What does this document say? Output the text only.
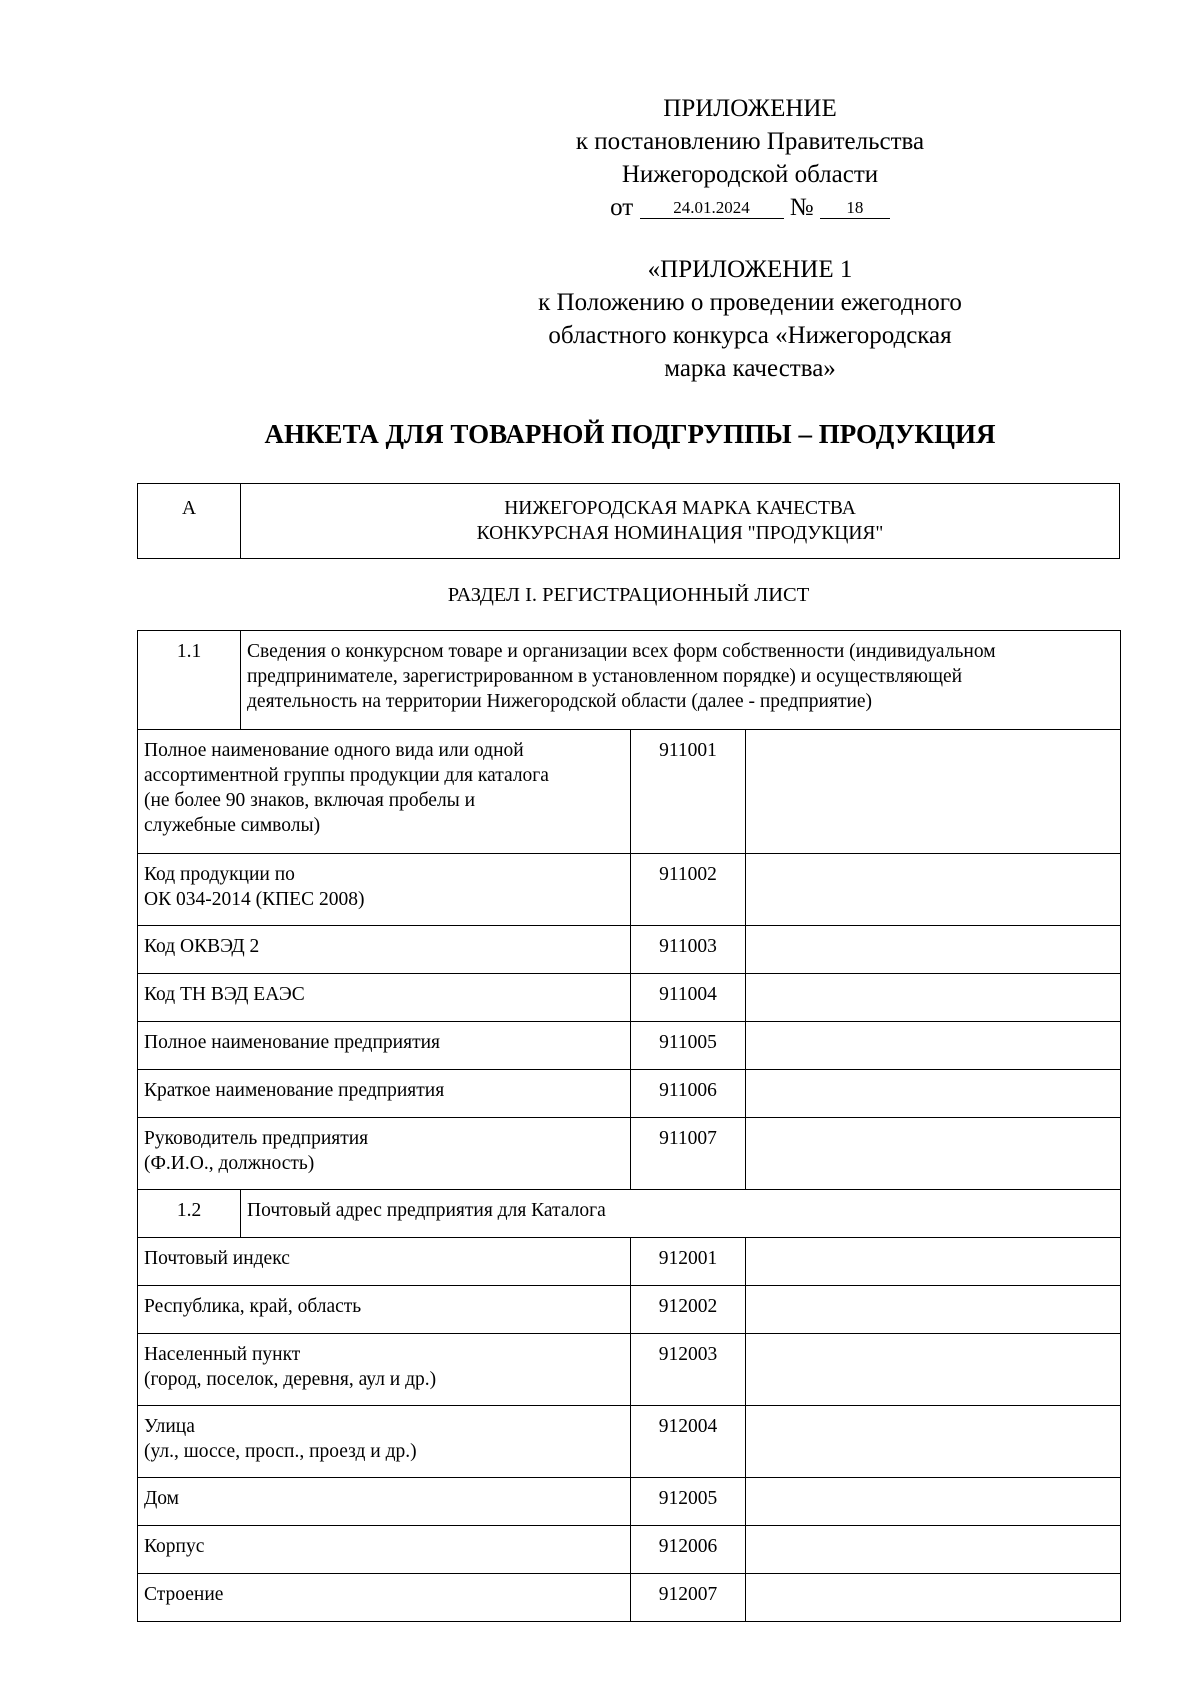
ПРИЛОЖЕНИЕ
к постановлению Правительства
Нижегородской области
от 24.01.2024 № 18
«ПРИЛОЖЕНИЕ 1
к Положению о проведении ежегодного
областного конкурса «Нижегородская
марка качества»
АНКЕТА ДЛЯ ТОВАРНОЙ ПОДГРУППЫ – ПРОДУКЦИЯ
А	НИЖЕГОРОДСКАЯ МАРКА КАЧЕСТВА
КОНКУРСНАЯ НОМИНАЦИЯ "ПРОДУКЦИЯ"
РАЗДЕЛ I. РЕГИСТРАЦИОННЫЙ ЛИСТ
1.1	Сведения о конкурсном товаре и организации всех форм собственности (индивидуальном
предпринимателе, зарегистрированном в установленном порядке) и осуществляющей
деятельность на территории Нижегородской области (далее - предприятие)		

Полное наименование одного вида или одной
ассортиментной группы продукции для каталога
(не более 90 знаков, включая пробелы и
служебные символы)		911001	

Код продукции по
ОК 034-2014 (КПЕС 2008)		911002	

Код ОКВЭД 2		911003	

Код ТН ВЭД ЕАЭС		911004	

Полное наименование предприятия		911005	

Краткое наименование предприятия		911006	

Руководитель предприятия
(Ф.И.О., должность)		911007	
1.2	Почтовый адрес предприятия для Каталога		

Почтовый индекс		912001	

Республика, край, область		912002	

Населенный пункт
(город, поселок, деревня, аул и др.)		912003	

Улица
(ул., шоссе, просп., проезд и др.)		912004	

Дом		912005	

Корпус		912006	

Строение		912007	
